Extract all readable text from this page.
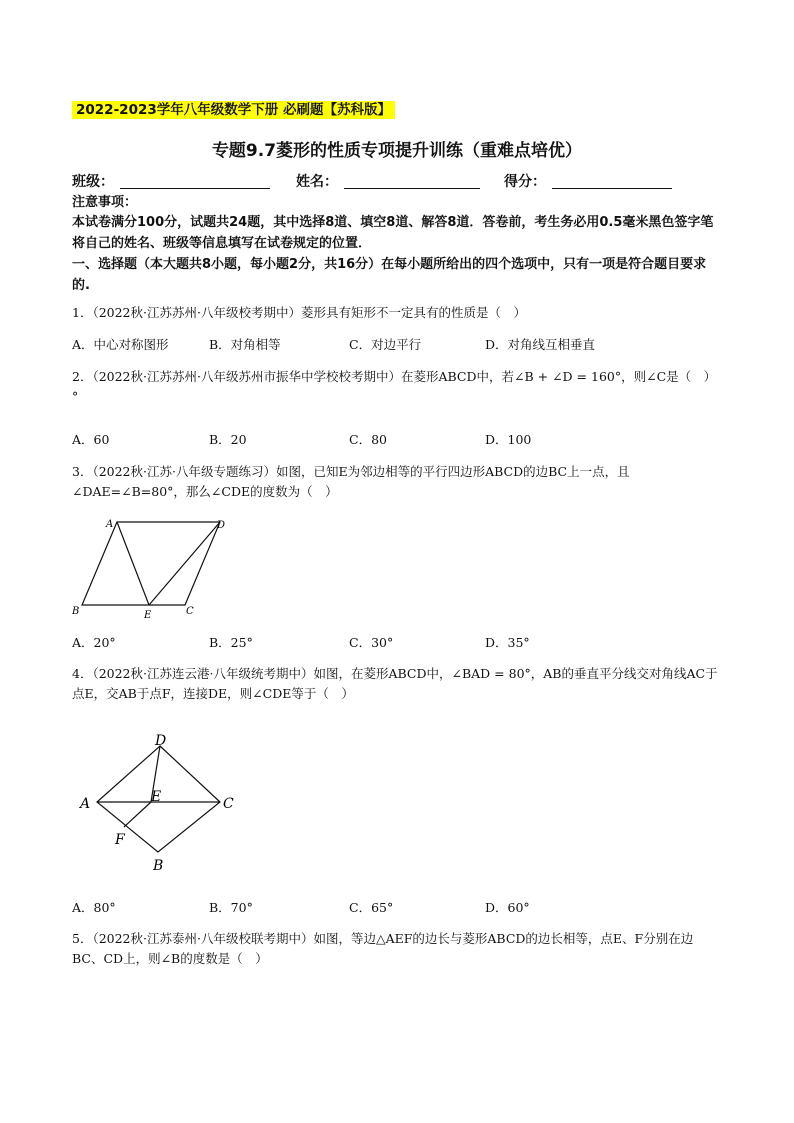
2022-2023学年八年级数学下册 必刷题【苏科版】
专题9.7菱形的性质专项提升训练（重难点培优）
班级：	姓名：	得分：
注意事项：
本试卷满分100分，试题共24题，其中选择8道、填空8道、解答8道．答卷前，考生务必用0.5毫米黑色签字笔将自己的姓名、班级等信息填写在试卷规定的位置．
一、选择题（本大题共8小题，每小题2分，共16分）在每小题所给出的四个选项中，只有一项是符合题目要求的.
1．（2022秋·江苏苏州·八年级校考期中）菱形具有矩形不一定具有的性质是（　）
A．中心对称图形	B．对角相等	C．对边平行	D．对角线互相垂直
2．（2022秋·江苏苏州·八年级苏州市振华中学校校考期中）在菱形ABCD中，若∠B + ∠D = 160°，则∠C是（　）°
A．60	B．20	C．80	D．100
3．（2022秋·江苏·八年级专题练习）如图，已知E为邻边相等的平行四边形ABCD的边BC上一点，且∠DAE=∠B=80°，那么∠CDE的度数为（　）
A	D
B	E	C
A．20°	B．25°	C．30°	D．35°
4．（2022秋·江苏连云港·八年级统考期中）如图，在菱形ABCD中，∠BAD = 80°，AB的垂直平分线交对角线AC于点E，交AB于点F，连接DE，则∠CDE等于（　）
D
A	E	C
F
B
A．80°	B．70°	C．65°	D．60°
5．（2022秋·江苏泰州·八年级校联考期中）如图，等边△AEF的边长与菱形ABCD的边长相等，点E、F分别在边BC、CD上，则∠B的度数是（　）
